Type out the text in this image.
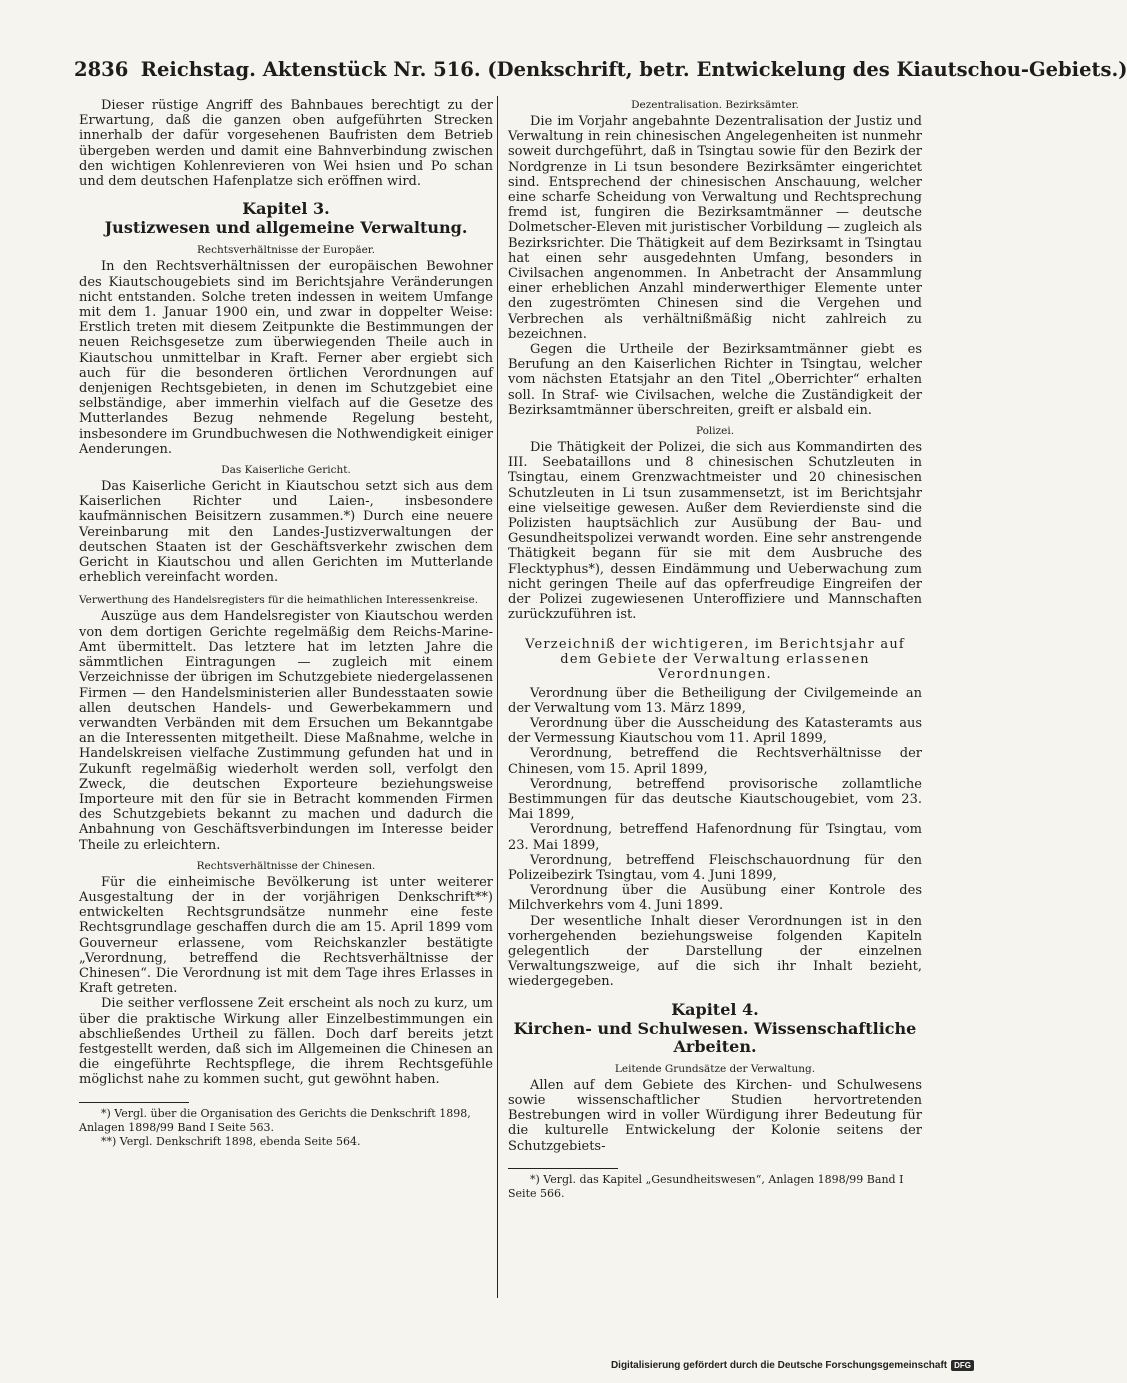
2836 Reichstag. Aktenstück Nr. 516. (Denkschrift, betr. Entwickelung des Kiautschou-Gebiets.)

Dieser rüstige Angriff des Bahnbaues berechtigt zu der Erwartung, daß die ganzen oben aufgeführten Strecken innerhalb der dafür vorgesehenen Baufristen dem Betrieb übergeben werden und damit eine Bahnverbindung zwischen den wichtigen Kohlenrevieren von Wei hsien und Po schan und dem deutschen Hafenplatze sich eröffnen wird.

Kapitel 3.
Justizwesen und allgemeine Verwaltung.
Rechtsverhältnisse der Europäer.

In den Rechtsverhältnissen der europäischen Bewohner des Kiautschougebiets sind im Berichtsjahre Veränderungen nicht entstanden. Solche treten indessen in weitem Umfange mit dem 1. Januar 1900 ein, und zwar in doppelter Weise: Erstlich treten mit diesem Zeitpunkte die Bestimmungen der neuen Reichsgesetze zum überwiegenden Theile auch in Kiautschou unmittelbar in Kraft. Ferner aber ergiebt sich auch für die besonderen örtlichen Verordnungen auf denjenigen Rechtsgebieten, in denen im Schutzgebiet eine selbständige, aber immerhin vielfach auf die Gesetze des Mutterlandes Bezug nehmende Regelung besteht, insbesondere im Grundbuchwesen die Nothwendigkeit einiger Aenderungen.

Das Kaiserliche Gericht.

Das Kaiserliche Gericht in Kiautschou setzt sich aus dem Kaiserlichen Richter und Laien-, insbesondere kaufmännischen Beisitzern zusammen.*) Durch eine neuere Vereinbarung mit den Landes-Justizverwaltungen der deutschen Staaten ist der Geschäftsverkehr zwischen dem Gericht in Kiautschou und allen Gerichten im Mutterlande erheblich vereinfacht worden.

Verwerthung des Handelsregisters für die heimathlichen Interessenkreise.

Auszüge aus dem Handelsregister von Kiautschou werden von dem dortigen Gerichte regelmäßig dem Reichs-Marine-Amt übermittelt. Das letztere hat im letzten Jahre die sämmtlichen Eintragungen — zugleich mit einem Verzeichnisse der übrigen im Schutzgebiete niedergelassenen Firmen — den Handelsministerien aller Bundesstaaten sowie allen deutschen Handels- und Gewerbekammern und verwandten Verbänden mit dem Ersuchen um Bekanntgabe an die Interessenten mitgetheilt. Diese Maßnahme, welche in Handelskreisen vielfache Zustimmung gefunden hat und in Zukunft regelmäßig wiederholt werden soll, verfolgt den Zweck, die deutschen Exporteure beziehungsweise Importeure mit den für sie in Betracht kommenden Firmen des Schutzgebiets bekannt zu machen und dadurch die Anbahnung von Geschäftsverbindungen im Interesse beider Theile zu erleichtern.

Rechtsverhältnisse der Chinesen.

Für die einheimische Bevölkerung ist unter weiterer Ausgestaltung der in der vorjährigen Denkschrift**) entwickelten Rechtsgrundsätze nunmehr eine feste Rechtsgrundlage geschaffen durch die am 15. April 1899 vom Gouverneur erlassene, vom Reichskanzler bestätigte „Verordnung, betreffend die Rechtsverhältnisse der Chinesen“. Die Verordnung ist mit dem Tage ihres Erlasses in Kraft getreten.

Die seither verflossene Zeit erscheint als noch zu kurz, um über die praktische Wirkung aller Einzelbestimmungen ein abschließendes Urtheil zu fällen. Doch darf bereits jetzt festgestellt werden, daß sich im Allgemeinen die Chinesen an die eingeführte Rechtspflege, die ihrem Rechtsgefühle möglichst nahe zu kommen sucht, gut gewöhnt haben.

*) Vergl. über die Organisation des Gerichts die Denkschrift 1898, Anlagen 1898/99 Band I Seite 563.

**) Vergl. Denkschrift 1898, ebenda Seite 564.

Dezentralisation. Bezirksämter.

Die im Vorjahr angebahnte Dezentralisation der Justiz und Verwaltung in rein chinesischen Angelegenheiten ist nunmehr soweit durchgeführt, daß in Tsingtau sowie für den Bezirk der Nordgrenze in Li tsun besondere Bezirksämter eingerichtet sind. Entsprechend der chinesischen Anschauung, welcher eine scharfe Scheidung von Verwaltung und Rechtsprechung fremd ist, fungiren die Bezirksamtmänner — deutsche Dolmetscher-Eleven mit juristischer Vorbildung — zugleich als Bezirksrichter. Die Thätigkeit auf dem Bezirksamt in Tsingtau hat einen sehr ausgedehnten Umfang, besonders in Civilsachen angenommen. In Anbetracht der Ansammlung einer erheblichen Anzahl minderwerthiger Elemente unter den zugeströmten Chinesen sind die Vergehen und Verbrechen als verhältnißmäßig nicht zahlreich zu bezeichnen.

Gegen die Urtheile der Bezirksamtmänner giebt es Berufung an den Kaiserlichen Richter in Tsingtau, welcher vom nächsten Etatsjahr an den Titel „Oberrichter“ erhalten soll. In Straf- wie Civilsachen, welche die Zuständigkeit der Bezirksamtmänner überschreiten, greift er alsbald ein.

Polizei.

Die Thätigkeit der Polizei, die sich aus Kommandirten des III. Seebataillons und 8 chinesischen Schutzleuten in Tsingtau, einem Grenzwachtmeister und 20 chinesischen Schutzleuten in Li tsun zusammensetzt, ist im Berichtsjahr eine vielseitige gewesen. Außer dem Revierdienste sind die Polizisten hauptsächlich zur Ausübung der Bau- und Gesundheitspolizei verwandt worden. Eine sehr anstrengende Thätigkeit begann für sie mit dem Ausbruche des Flecktyphus*), dessen Eindämmung und Ueberwachung zum nicht geringen Theile auf das opferfreudige Eingreifen der der Polizei zugewiesenen Unteroffiziere und Mannschaften zurückzuführen ist.

Verzeichniß der wichtigeren, im Berichtsjahr auf dem Gebiete der Verwaltung erlassenen Verordnungen.

Verordnung über die Betheiligung der Civilgemeinde an der Verwaltung vom 13. März 1899,

Verordnung über die Ausscheidung des Katasteramts aus der Vermessung Kiautschou vom 11. April 1899,

Verordnung, betreffend die Rechtsverhältnisse der Chinesen, vom 15. April 1899,

Verordnung, betreffend provisorische zollamtliche Bestimmungen für das deutsche Kiautschougebiet, vom 23. Mai 1899,

Verordnung, betreffend Hafenordnung für Tsingtau, vom 23. Mai 1899,

Verordnung, betreffend Fleischschauordnung für den Polizeibezirk Tsingtau, vom 4. Juni 1899,

Verordnung über die Ausübung einer Kontrole des Milchverkehrs vom 4. Juni 1899.

Der wesentliche Inhalt dieser Verordnungen ist in den vorhergehenden beziehungsweise folgenden Kapiteln gelegentlich der Darstellung der einzelnen Verwaltungszweige, auf die sich ihr Inhalt bezieht, wiedergegeben.

Kapitel 4.
Kirchen- und Schulwesen. Wissenschaftliche Arbeiten.
Leitende Grundsätze der Verwaltung.

Allen auf dem Gebiete des Kirchen- und Schulwesens sowie wissenschaftlicher Studien hervortretenden Bestrebungen wird in voller Würdigung ihrer Bedeutung für die kulturelle Entwickelung der Kolonie seitens der Schutzgebiets-

*) Vergl. das Kapitel „Gesundheitswesen“, Anlagen 1898/99 Band I Seite 566.

Digitalisierung gefördert durch die Deutsche Forschungsgemeinschaft DFG
